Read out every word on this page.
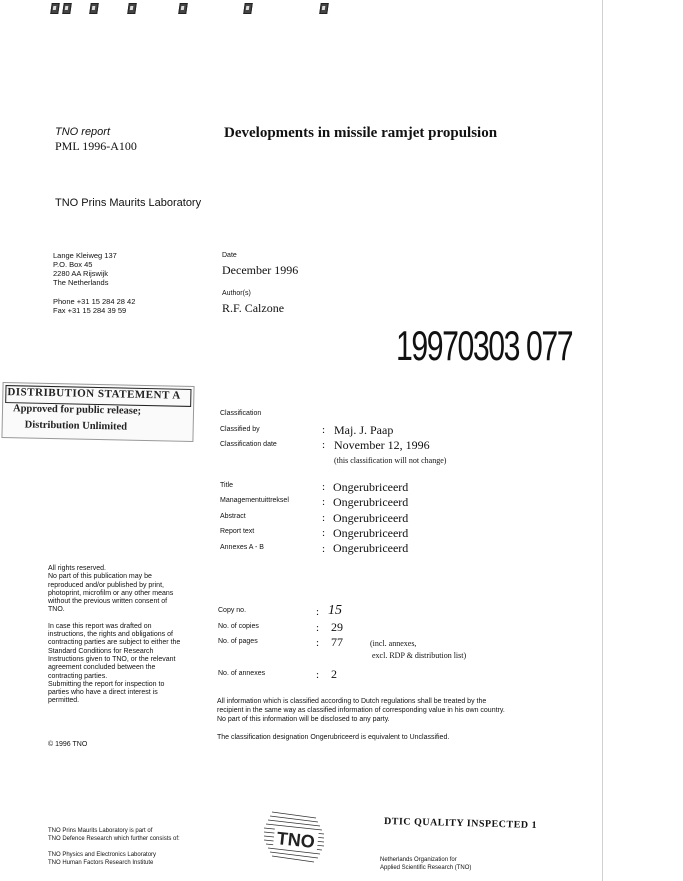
TNO report
PML 1996-A100
Developments in missile ramjet propulsion
TNO Prins Maurits Laboratory
Lange Kleiweg 137
P.O. Box 45
2280 AA Rijswijk
The Netherlands
Phone +31 15 284 28 42
Fax +31 15 284 39 59
Date
December 1996
Author(s)
R.F. Calzone
19970303 077
DISTRIBUTION STATEMENT A
Approved for public release;
Distribution Unlimited
Classification
Classified by	: Maj. J. Paap
Classification date	: November 12, 1996
(this classification will not change)
Title	: Ongerubriceerd
Managementuittreksel	: Ongerubriceerd
Abstract	: Ongerubriceerd
Report text	: Ongerubriceerd
Annexes A - B	: Ongerubriceerd
Copy no.	: 15
No. of copies	: 29
No. of pages	: 77	(incl. annexes,
excl. RDP & distribution list)
No. of annexes	: 2
All information which is classified according to Dutch regulations shall be treated by the recipient in the same way as classified information of corresponding value in his own country. No part of this information will be disclosed to any party.
The classification designation Ongerubriceerd is equivalent to Unclassified.
All rights reserved.
No part of this publication may be
reproduced and/or published by print,
photoprint, microfilm or any other means
without the previous written consent of
TNO.
In case this report was drafted on
instructions, the rights and obligations of
contracting parties are subject to either the
Standard Conditions for Research
Instructions given to TNO, or the relevant
agreement concluded between the
contracting parties.
Submitting the report for inspection to
parties who have a direct interest is
permitted.
© 1996 TNO
TNO Prins Maurits Laboratory is part of
TNO Defence Research which further consists of:
TNO Physics and Electronics Laboratory
TNO Human Factors Research Institute
TNO
DTIC QUALITY INSPECTED 1
Netherlands Organization for
Applied Scientific Research (TNO)
